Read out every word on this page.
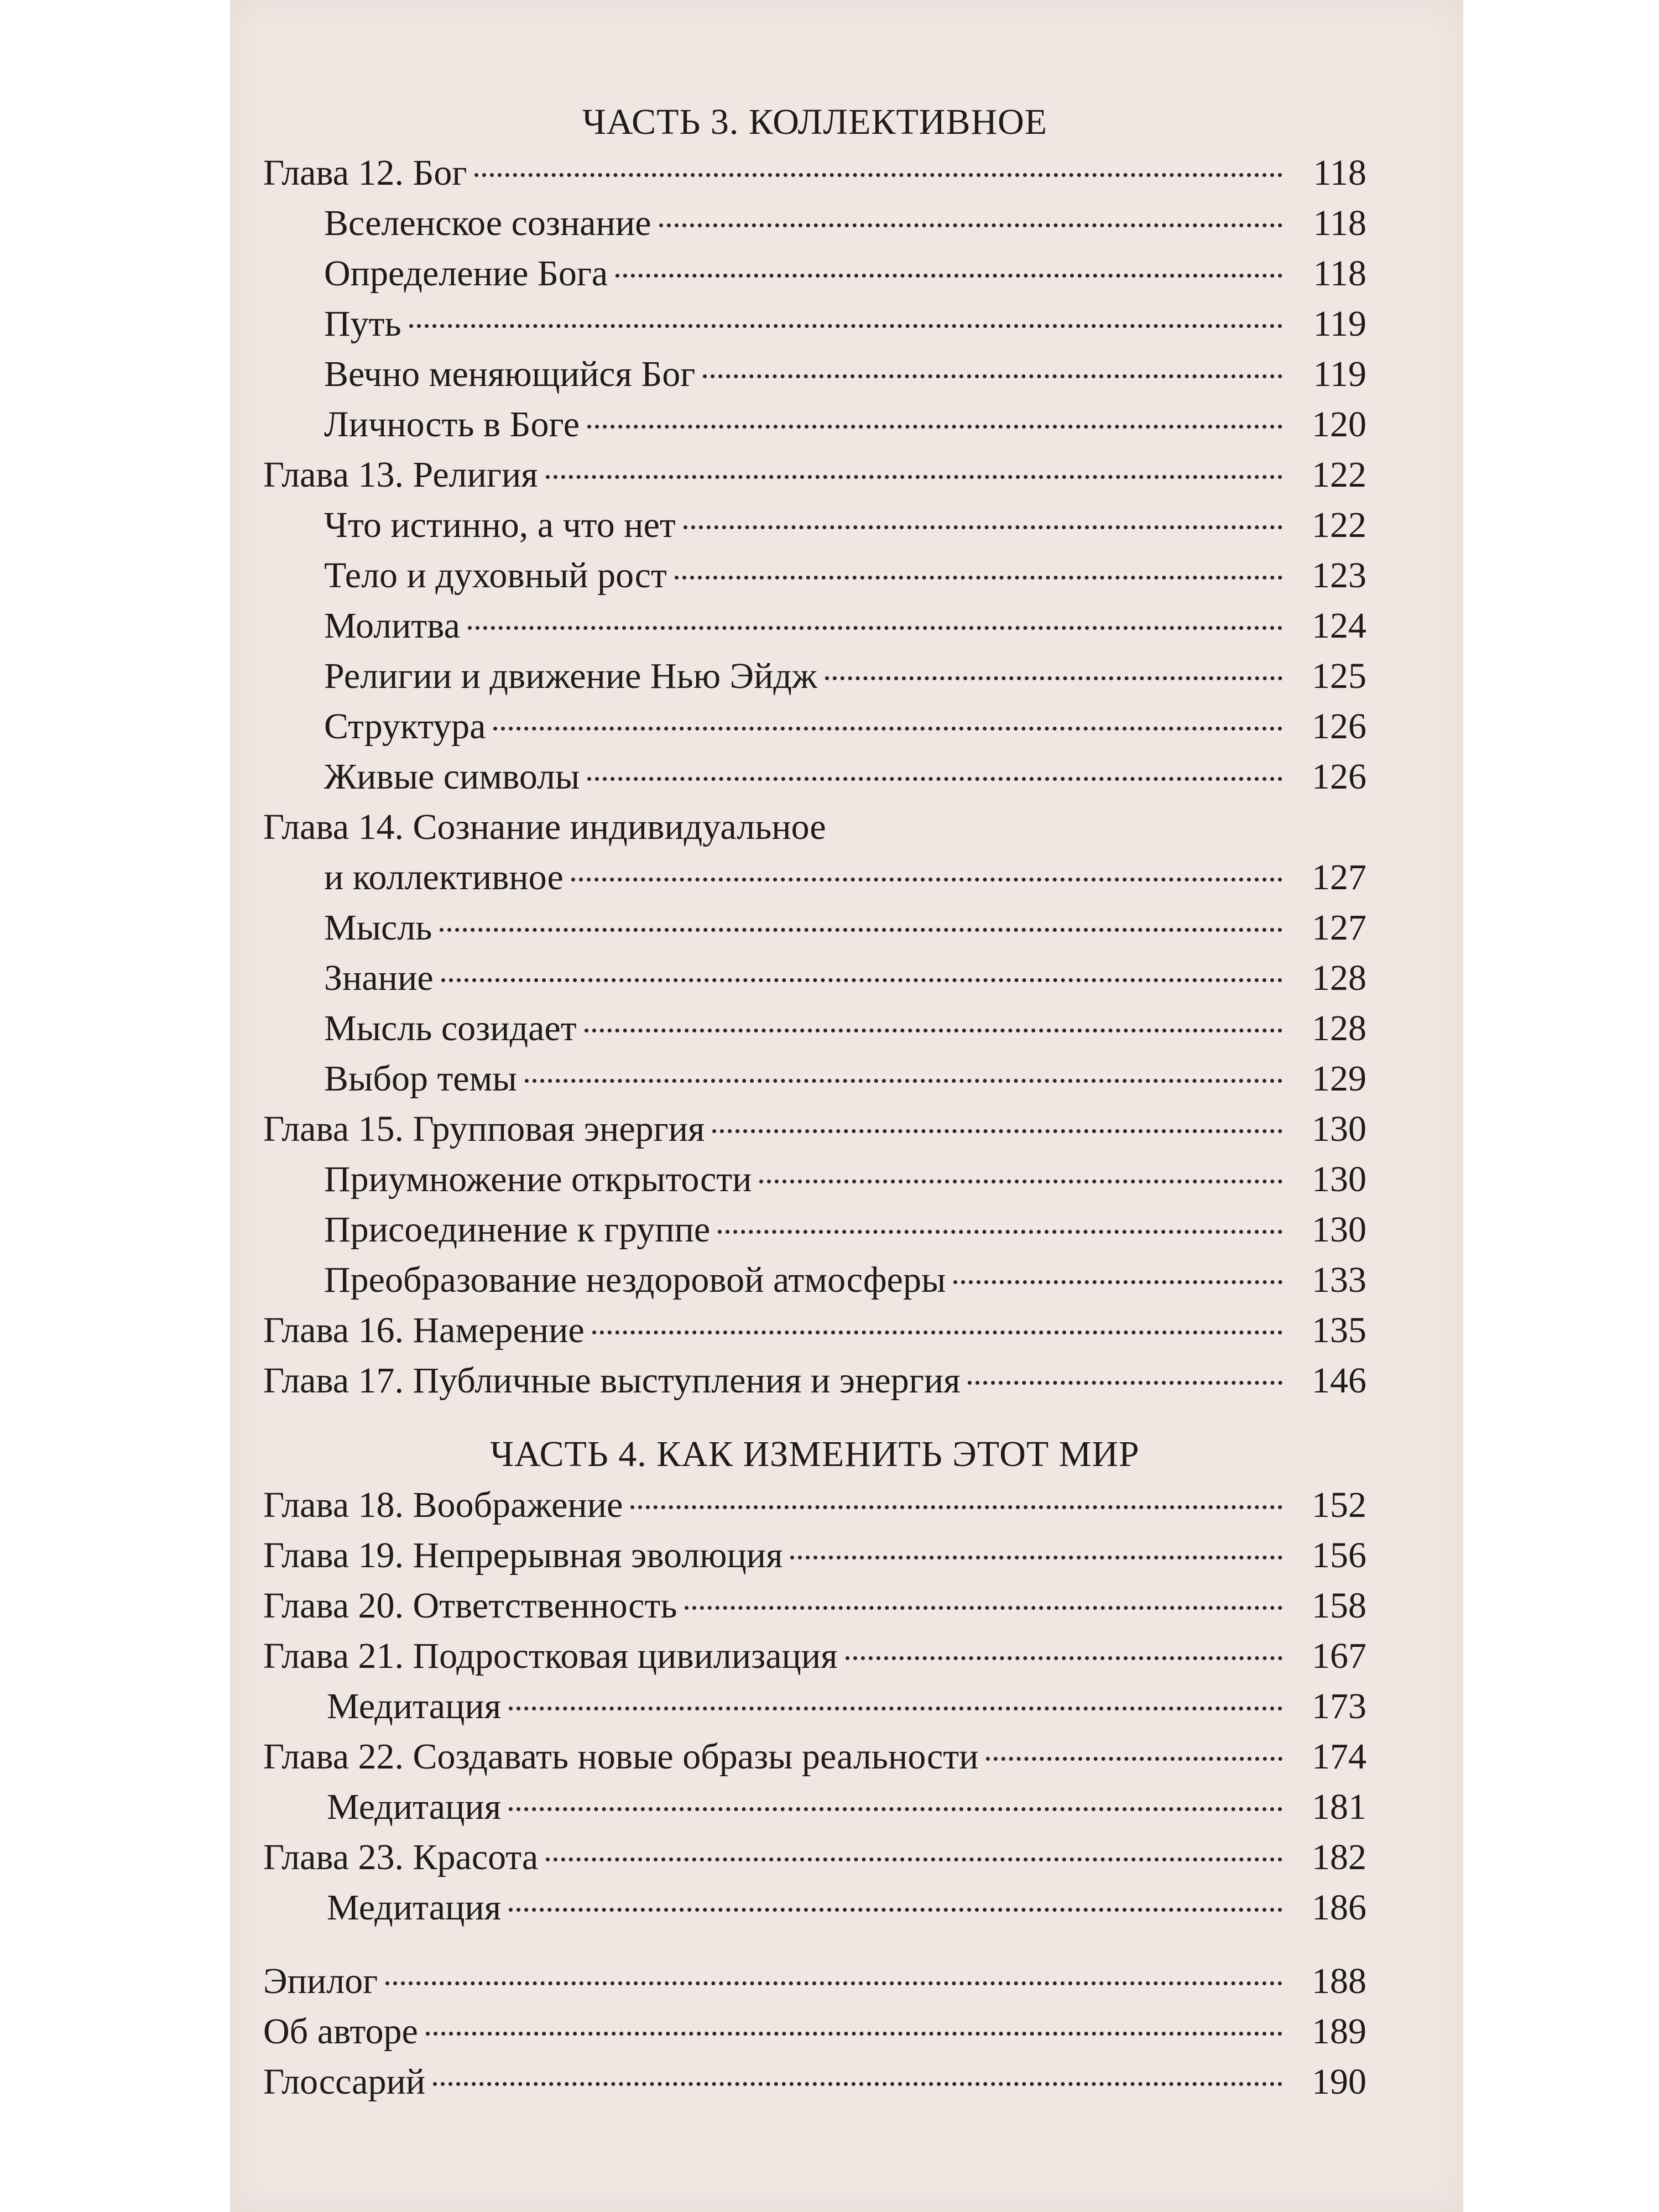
ЧАСТЬ 3. КОЛЛЕКТИВНОЕ
Глава 12. Бог	118
Вселенское сознание	118
Определение Бога	118
Путь	119
Вечно меняющийся Бог	119
Личность в Боге	120
Глава 13. Религия	122
Что истинно, а что нет	122
Тело и духовный рост	123
Молитва	124
Религии и движение Нью Эйдж	125
Структура	126
Живые символы	126
Глава 14. Сознание индивидуальное
и коллективное	127
Мысль	127
Знание	128
Мысль созидает	128
Выбор темы	129
Глава 15. Групповая энергия	130
Приумножение открытости	130
Присоединение к группе	130
Преобразование нездоровой атмосферы	133
Глава 16. Намерение	135
Глава 17. Публичные выступления и энергия	146
ЧАСТЬ 4. КАК ИЗМЕНИТЬ ЭТОТ МИР
Глава 18. Воображение	152
Глава 19. Непрерывная эволюция	156
Глава 20. Ответственность	158
Глава 21. Подростковая цивилизация	167
Медитация	173
Глава 22. Создавать новые образы реальности	174
Медитация	181
Глава 23. Красота	182
Медитация	186
Эпилог	188
Об авторе	189
Глоссарий	190
